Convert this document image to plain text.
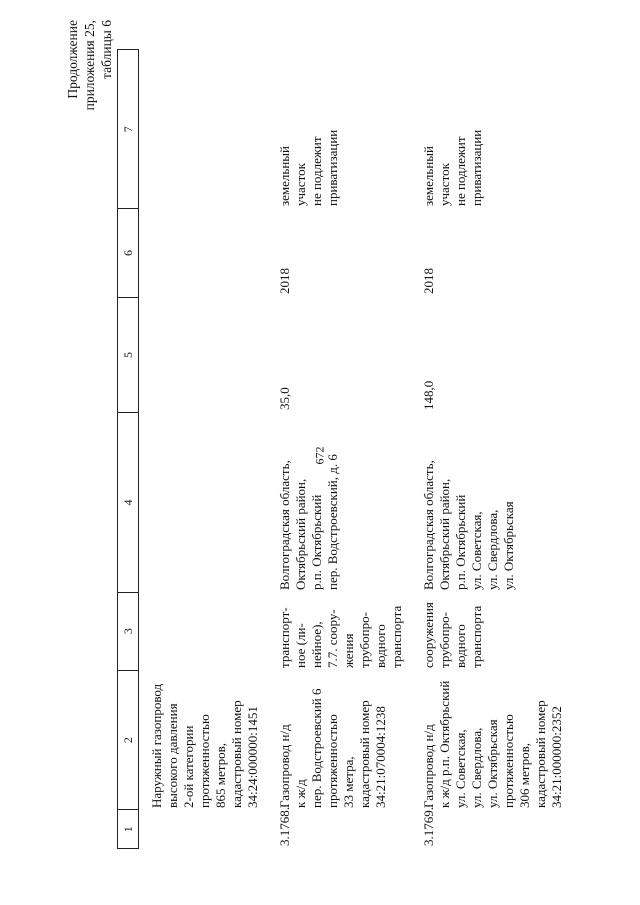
672
Продолжение приложения 25, таблицы 6
1
2
3
4
5
6
7
Наружный газопровод высокого давления 2-ой категории протяженностью 865 метров, кадастровый номер 34:24:000000:1451
3.1768.
Газопровод н/д к ж/д пер. Водстроевский 6 протяженностью 33 метра, кадастровый номер 34:21:070004:1238
транспорт- ное (ли- нейное), 7.7. соору- жения трубопро- водного транспорта
Волгоградская область, Октябрьский район, р.п. Октябрьский пер. Водстроевский, д. 6
35,0
2018
земельный участок не подлежит приватизации
3.1769.
Газопровод н/д к ж/д р.п. Октябрьский ул. Советская, ул. Свердлова, ул. Октябрьская протяженностью 306 метров, кадастровый номер 34:21:000000:2352
сооружения трубопро- водного транспорта
Волгоградская область, Октябрьский район, р.п. Октябрьский ул. Советская, ул. Свердлова, ул. Октябрьская
148,0
2018
земельный участок не подлежит приватизации
